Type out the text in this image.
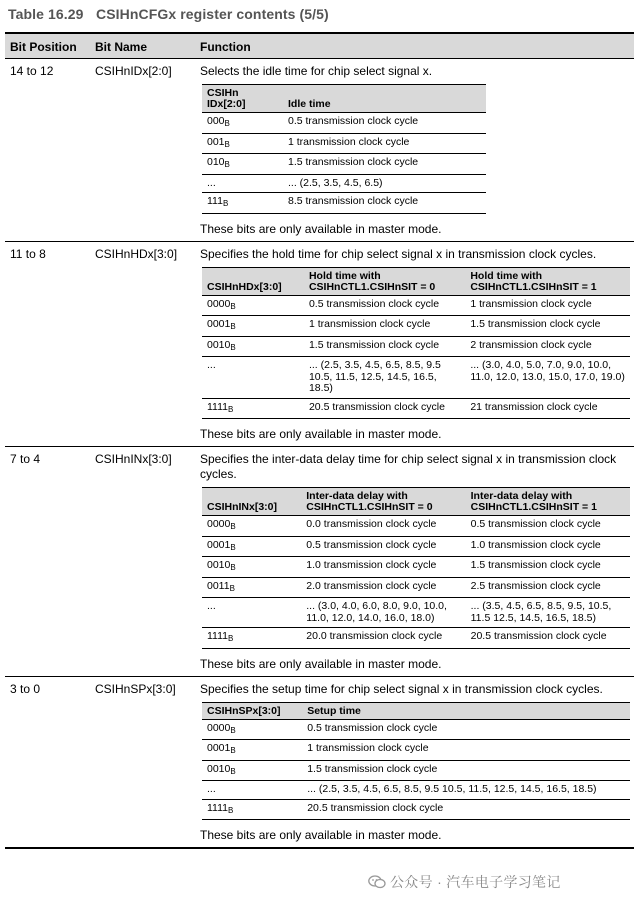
Table 16.29 CSIHnCFGx register contents (5/5)
Bit Position	Bit Name	Function
14 to 12	CSIHnIDx[2:0]	Selects the idle time for chip select signal x.
CSIHn IDx[2:0]	Idle time
$000_B$	0.5 transmission clock cycle
$001_B$	1 transmission clock cycle
$010_B$	1.5 transmission clock cycle
...	... (2.5, 3.5, 4.5, 6.5)
$111_B$	8.5 transmission clock cycle
These bits are only available in master mode.

11 to 8	CSIHnHDx[3:0]	Specifies the hold time for chip select signal x in transmission clock cycles.
CSIHnHDx[3:0]	Hold time with CSIHnCTL1.CSIHnSIT = 0	Hold time with CSIHnCTL1.CSIHnSIT = 1
$0000_B$	0.5 transmission clock cycle	1 transmission clock cycle
$0001_B$	1 transmission clock cycle	1.5 transmission clock cycle
$0010_B$	1.5 transmission clock cycle	2 transmission clock cycle
...	... (2.5, 3.5, 4.5, 6.5, 8.5, 9.5 10.5, 11.5, 12.5, 14.5, 16.5, 18.5)	... (3.0, 4.0, 5.0, 7.0, 9.0, 10.0, 11.0, 12.0, 13.0, 15.0, 17.0, 19.0)
$1111_B$	20.5 transmission clock cycle	21 transmission clock cycle
These bits are only available in master mode.

7 to 4	CSIHnINx[3:0]	Specifies the inter-data delay time for chip select signal x in transmission clock cycles.
CSIHnINx[3:0]	Inter-data delay with CSIHnCTL1.CSIHnSIT = 0	Inter-data delay with CSIHnCTL1.CSIHnSIT = 1
$0000_B$	0.0 transmission clock cycle	0.5 transmission clock cycle
$0001_B$	0.5 transmission clock cycle	1.0 transmission clock cycle
$0010_B$	1.0 transmission clock cycle	1.5 transmission clock cycle
$0011_B$	2.0 transmission clock cycle	2.5 transmission clock cycle
...	... (3.0, 4.0, 6.0, 8.0, 9.0, 10.0, 11.0, 12.0, 14.0, 16.0, 18.0)	... (3.5, 4.5, 6.5, 8.5, 9.5, 10.5, 11.5 12.5, 14.5, 16.5, 18.5)
$1111_B$	20.0 transmission clock cycle	20.5 transmission clock cycle
These bits are only available in master mode.

3 to 0	CSIHnSPx[3:0]	Specifies the setup time for chip select signal x in transmission clock cycles.
CSIHnSPx[3:0]	Setup time
$0000_B$	0.5 transmission clock cycle
$0001_B$	1 transmission clock cycle
$0010_B$	1.5 transmission clock cycle
...	... (2.5, 3.5, 4.5, 6.5, 8.5, 9.5 10.5, 11.5, 12.5, 14.5, 16.5, 18.5)
$1111_B$	20.5 transmission clock cycle
These bits are only available in master mode.
公众号 · 汽车电子学习笔记
